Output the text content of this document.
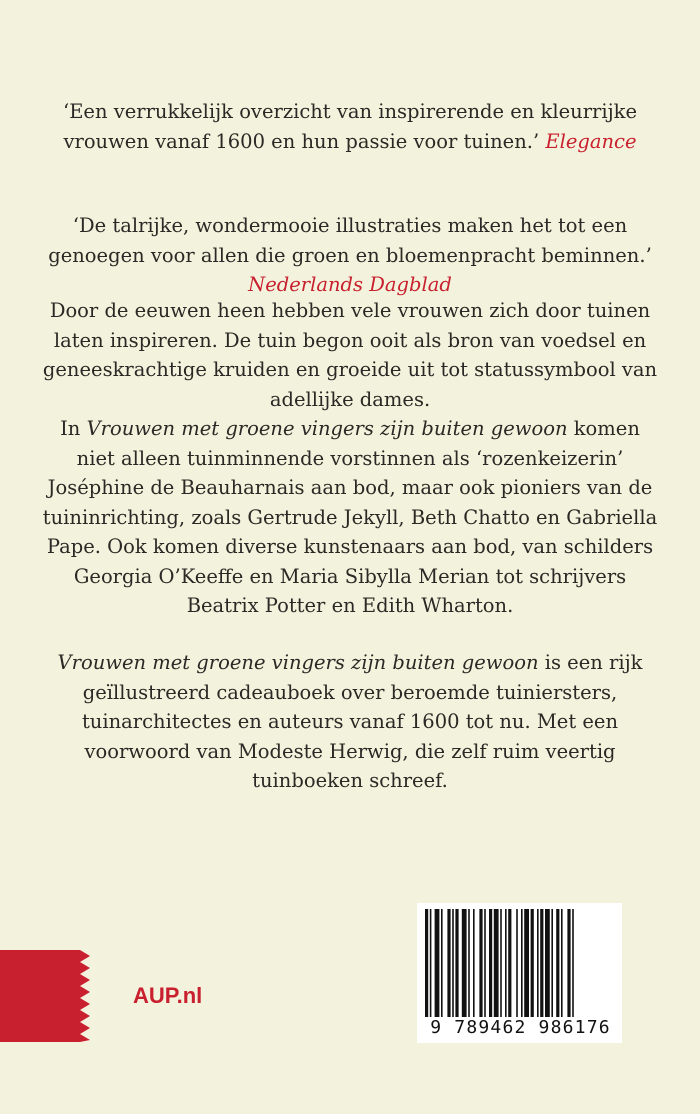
‘Een verrukkelijk overzicht van inspirerende en kleurrijke vrouwen vanaf 1600 en hun passie voor tuinen.’ Elegance

‘De talrijke, wondermooie illustraties maken het tot een genoegen voor allen die groen en bloemenpracht beminnen.’ Nederlands Dagblad

Door de eeuwen heen hebben vele vrouwen zich door tuinen laten inspireren. De tuin begon ooit als bron van voedsel en geneeskrachtige kruiden en groeide uit tot statussymbool van adellijke dames.
In Vrouwen met groene vingers zijn buiten gewoon komen niet alleen tuinminnende vorstinnen als ‘rozenkeizerin’ Joséphine de Beauharnais aan bod, maar ook pioniers van de tuininrichting, zoals Gertrude Jekyll, Beth Chatto en Gabriella Pape. Ook komen diverse kunstenaars aan bod, van schilders Georgia O’Keeffe en Maria Sibylla Merian tot schrijvers Beatrix Potter en Edith Wharton.

Vrouwen met groene vingers zijn buiten gewoon is een rijk geïllustreerd cadeauboek over beroemde tuiniersters, tuinarchitectes en auteurs vanaf 1600 tot nu. Met een voorwoord van Modeste Herwig, die zelf ruim veertig tuinboeken schreef.

AUP.nl
9 789462 986176
